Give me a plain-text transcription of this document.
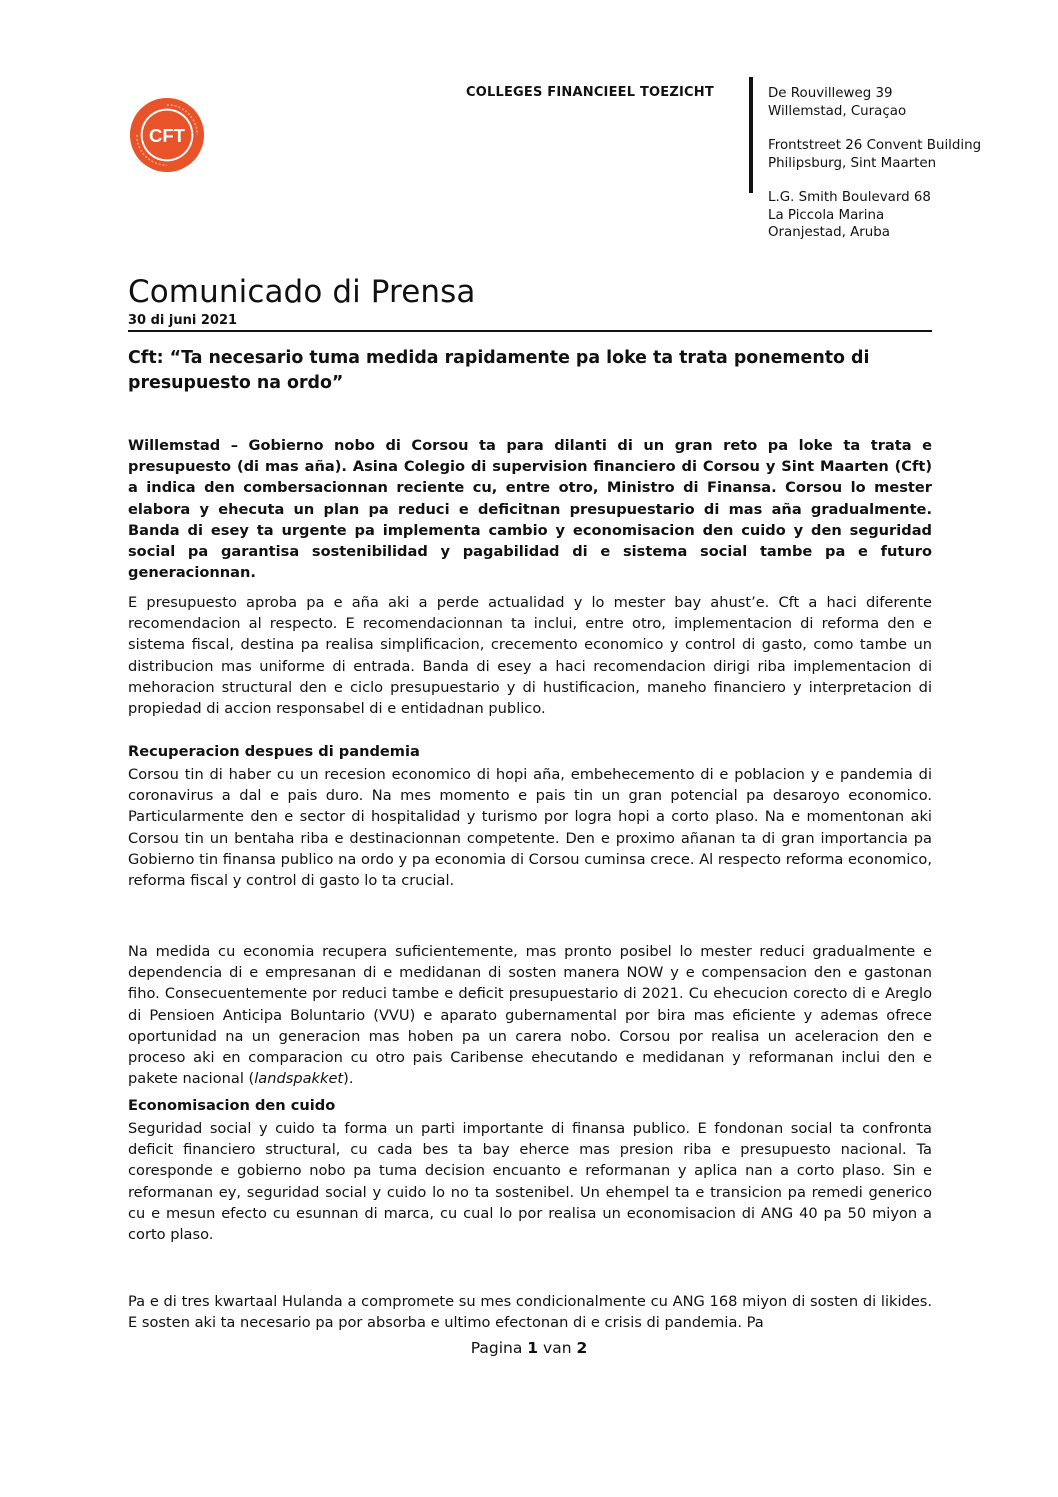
CFT
COLLEGES FINANCIEEL TOEZICHT	De Rouvilleweg 39
Willemstad, Curaçao
Frontstreet 26 Convent Building
Philipsburg, Sint Maarten
L.G. Smith Boulevard 68
La Piccola Marina
Oranjestad, Aruba
Comunicado di Prensa
30 di juni 2021
Cft: “Ta necesario tuma medida rapidamente pa loke ta trata ponemento di presupuesto na ordo”

Willemstad – Gobierno nobo di Corsou ta para dilanti di un gran reto pa loke ta trata e presupuesto (di mas aña). Asina Colegio di supervision financiero di Corsou y Sint Maarten (Cft) a indica den combersacionnan reciente cu, entre otro, Ministro di Finansa. Corsou lo mester elabora y ehecuta un plan pa reduci e deficitnan presupuestario di mas aña gradualmente. Banda di esey ta urgente pa implementa cambio y economisacion den cuido y den seguridad social pa garantisa sostenibilidad y pagabilidad di e sistema social tambe pa e futuro generacionnan.

E presupuesto aproba pa e aña aki a perde actualidad y lo mester bay ahust’e. Cft a haci diferente recomendacion al respecto. E recomendacionnan ta inclui, entre otro, implementacion di reforma den e sistema fiscal, destina pa realisa simplificacion, crecemento economico y control di gasto, como tambe un distribucion mas uniforme di entrada. Banda di esey a haci recomendacion dirigi riba implementacion di mehoracion structural den e ciclo presupuestario y di hustificacion, maneho financiero y interpretacion di propiedad di accion responsabel di e entidadnan publico.

Recuperacion despues di pandemia

Corsou tin di haber cu un recesion economico di hopi aña, embehecemento di e poblacion y e pandemia di coronavirus a dal e pais duro. Na mes momento e pais tin un gran potencial pa desaroyo economico. Particularmente den e sector di hospitalidad y turismo por logra hopi a corto plaso. Na e momentonan aki Corsou tin un bentaha riba e destinacionnan competente. Den e proximo añanan ta di gran importancia pa Gobierno tin finansa publico na ordo y pa economia di Corsou cuminsa crece. Al respecto reforma economico, reforma fiscal y control di gasto lo ta crucial.

Na medida cu economia recupera suficientemente, mas pronto posibel lo mester reduci gradualmente e dependencia di e empresanan di e medidanan di sosten manera NOW y e compensacion den e gastonan fiho. Consecuentemente por reduci tambe e deficit presupuestario di 2021. Cu ehecucion corecto di e Areglo di Pensioen Anticipa Boluntario (VVU) e aparato gubernamental por bira mas eficiente y ademas ofrece oportunidad na un generacion mas hoben pa un carera nobo. Corsou por realisa un aceleracion den e proceso aki en comparacion cu otro pais Caribense ehecutando e medidanan y reformanan inclui den e pakete nacional (landspakket).

Economisacion den cuido

Seguridad social y cuido ta forma un parti importante di finansa publico. E fondonan social ta confronta deficit financiero structural, cu cada bes ta bay eherce mas presion riba e presupuesto nacional. Ta coresponde e gobierno nobo pa tuma decision encuanto e reformanan y aplica nan a corto plaso. Sin e reformanan ey, seguridad social y cuido lo no ta sostenibel. Un ehempel ta e transicion pa remedi generico cu e mesun efecto cu esunnan di marca, cu cual lo por realisa un economisacion di ANG 40 pa 50 miyon a corto plaso.

Pa e di tres kwartaal Hulanda a compromete su mes condicionalmente cu ANG 168 miyon di sosten di likides. E sosten aki ta necesario pa por absorba e ultimo efectonan di e crisis di pandemia. Pa

Pagina 1 van 2
